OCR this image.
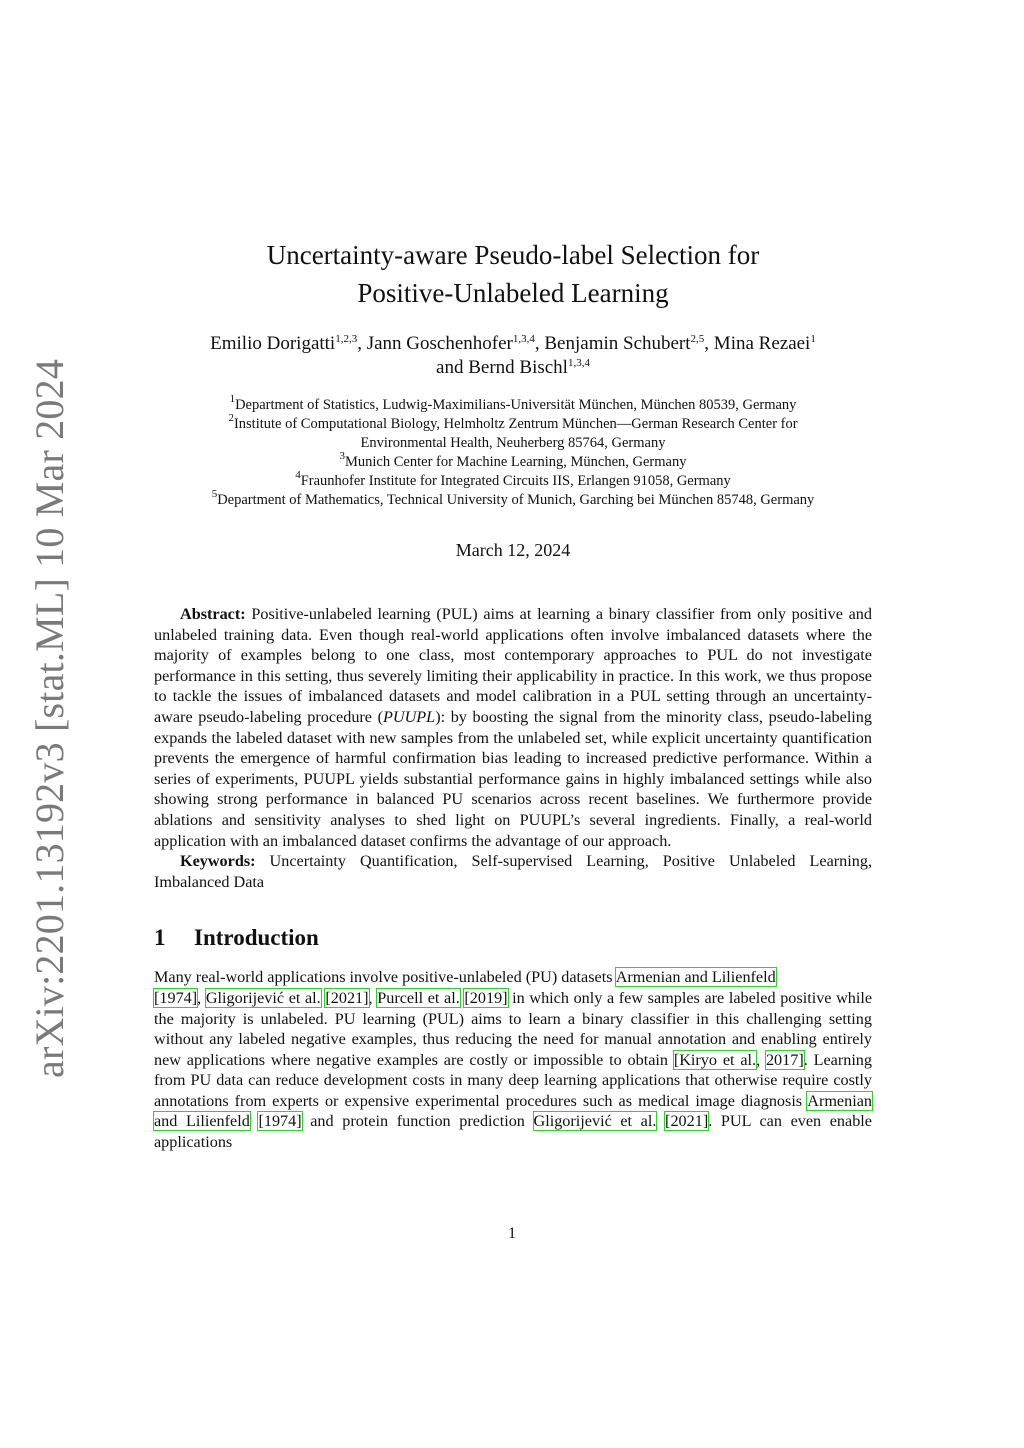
arXiv:2201.13192v3 [stat.ML] 10 Mar 2024
Uncertainty-aware Pseudo-label Selection for
Positive-Unlabeled Learning
Emilio Dorigatti$^{1,2,3}$, Jann Goschenhofer$^{1,3,4}$, Benjamin Schubert$^{2,5}$, Mina Rezaei$^1$
and Bernd Bischl$^{1,3,4}$
$^1$Department of Statistics, Ludwig-Maximilians-Universität München, München 80539, Germany
$^2$Institute of Computational Biology, Helmholtz Zentrum München—German Research Center for
Environmental Health, Neuherberg 85764, Germany
$^3$Munich Center for Machine Learning, München, Germany
$^4$Fraunhofer Institute for Integrated Circuits IIS, Erlangen 91058, Germany
$^5$Department of Mathematics, Technical University of Munich, Garching bei München 85748, Germany
March 12, 2024

Abstract: Positive-unlabeled learning (PUL) aims at learning a binary classifier from only positive and unlabeled training data. Even though real-world applications often involve imbalanced datasets where the majority of examples belong to one class, most contemporary approaches to PUL do not investigate performance in this setting, thus severely limiting their applicability in practice. In this work, we thus propose to tackle the issues of imbalanced datasets and model calibration in a PUL setting through an uncertainty-aware pseudo-labeling procedure (PUUPL): by boosting the signal from the minority class, pseudo-labeling expands the labeled dataset with new samples from the unlabeled set, while explicit uncertainty quantification prevents the emergence of harmful confirmation bias leading to increased predictive performance. Within a series of experiments, PUUPL yields substantial performance gains in highly imbalanced settings while also showing strong performance in balanced PU scenarios across recent baselines. We furthermore provide ablations and sensitivity analyses to shed light on PUUPL’s several ingredients. Finally, a real-world application with an imbalanced dataset confirms the advantage of our approach.

Keywords: Uncertainty Quantification, Self-supervised Learning, Positive Unlabeled Learning, Imbalanced Data

1 Introduction

Many real-world applications involve positive-unlabeled (PU) datasets Armenian and Lilienfeld
[1974], Gligorijević et al. [2021], Purcell et al. [2019] in which only a few samples are labeled positive while the majority is unlabeled. PU learning (PUL) aims to learn a binary classifier in this challenging setting without any labeled negative examples, thus reducing the need for manual annotation and enabling entirely new applications where negative examples are costly or impossible to obtain [Kiryo et al., 2017]. Learning from PU data can reduce development costs in many deep learning applications that otherwise require costly annotations from experts or expensive experimental procedures such as medical image diagnosis Armenian and Lilienfeld [1974] and protein function prediction Gligorijević et al. [2021]. PUL can even enable applications

1
